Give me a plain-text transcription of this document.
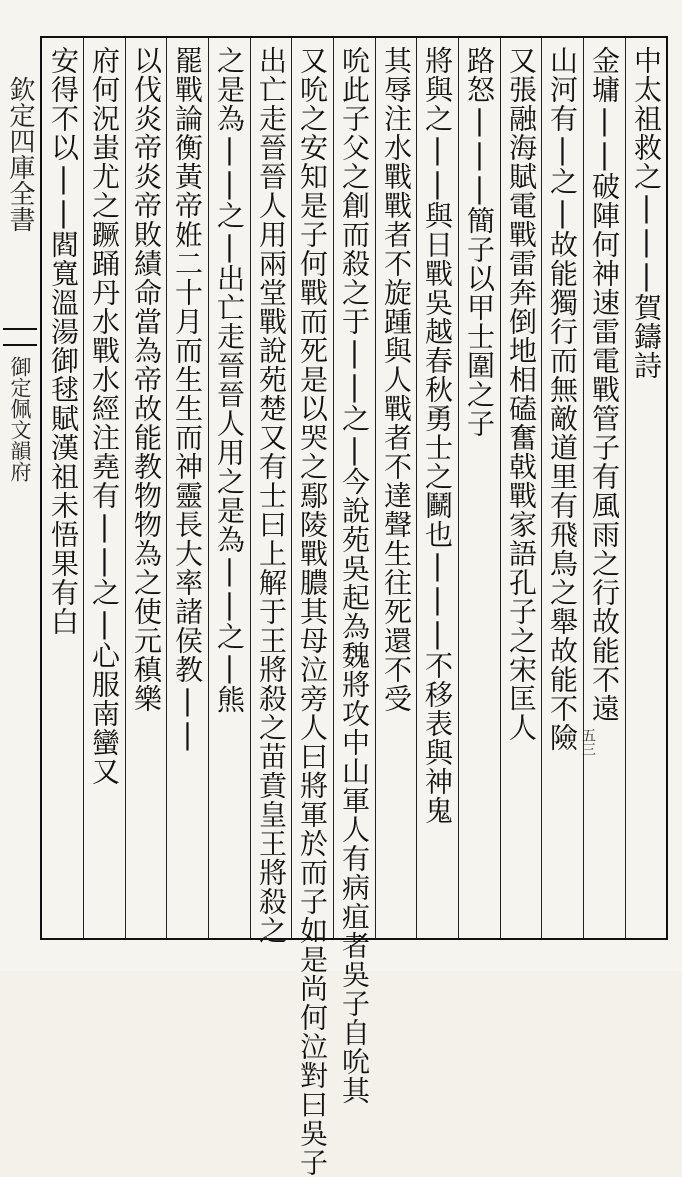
欽定四庫全書
御定佩文韻府
中太祖救之|||賀鑄詩
金墉||破陣何神速雷電戰管子有風雨之行故能不遠
山河有|之|故能獨行而無敵道里有飛鳥之舉故能不險
又張融海賦電戰雷奔倒地相磕奮戟戰家語孔子之宋匡人
路怒|||簡子以甲士圍之子
將與之||與日戰吳越春秋勇士之鬭也|||不移表與神鬼
其辱注水戰戰者不旋踵與人戰者不達聲生往死還不受
吮此子父之創而殺之于||之|今說苑吳起為魏將攻中山軍人有病疽者吳子自吮其
又吮之安知是子何戰而死是以哭之鄢陵戰膿其母泣旁人曰將軍於而子如是尚何泣對曰吳子
出亡走晉晉人用兩堂戰說苑楚又有士曰上解于王將殺之苗賁皇王將殺之
之是為||之|出亡走晉晉人用之是為||之|熊
罷戰論衡黃帝姙二十月而生生而神靈長大率諸侯教||
以伐炎帝炎帝敗績命當為帝故能教物物為之使元稹樂
府何況蚩尤之蹶踊丹水戰水經注堯有||之|心服南蠻又
安得不以||閻寬溫湯御毬賦漢祖未悟果有白
五三
